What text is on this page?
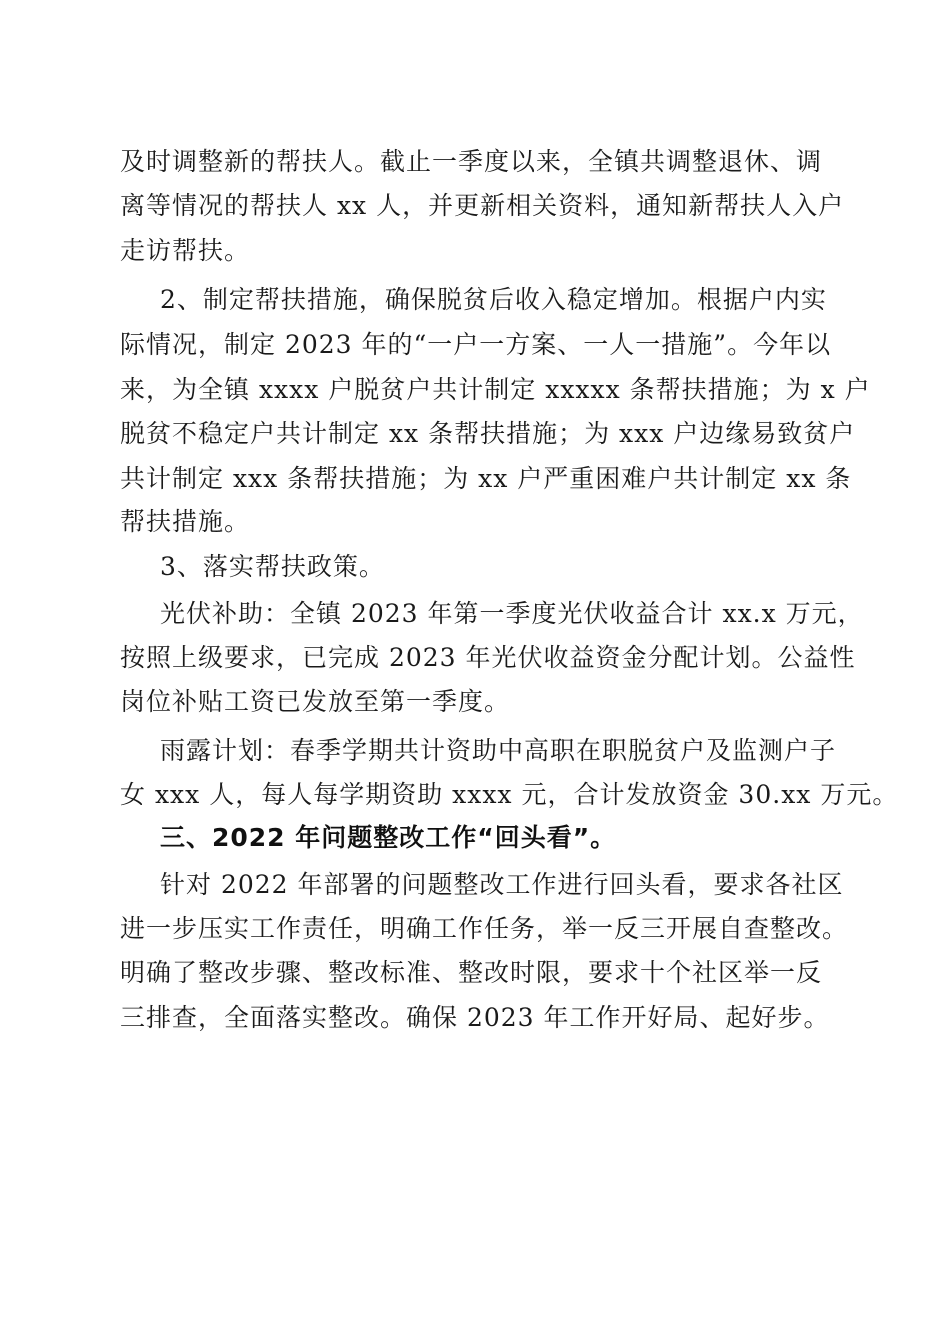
及时调整新的帮扶人。截止一季度以来，全镇共调整退休、调
离等情况的帮扶人 xx 人，并更新相关资料，通知新帮扶人入户
走访帮扶。
2、制定帮扶措施，确保脱贫后收入稳定增加。根据户内实
际情况，制定 2023 年的“一户一方案、一人一措施”。今年以
来，为全镇 xxxx 户脱贫户共计制定 xxxxx 条帮扶措施；为 x 户
脱贫不稳定户共计制定 xx 条帮扶措施；为 xxx 户边缘易致贫户
共计制定 xxx 条帮扶措施；为 xx 户严重困难户共计制定 xx 条
帮扶措施。
3、落实帮扶政策。
光伏补助：全镇 2023 年第一季度光伏收益合计 xx.x 万元，
按照上级要求，已完成 2023 年光伏收益资金分配计划。公益性
岗位补贴工资已发放至第一季度。
雨露计划：春季学期共计资助中高职在职脱贫户及监测户子
女 xxx 人，每人每学期资助 xxxx 元，合计发放资金 30.xx 万元。
三、2022 年问题整改工作“回头看”。
针对 2022 年部署的问题整改工作进行回头看，要求各社区
进一步压实工作责任，明确工作任务，举一反三开展自查整改。
明确了整改步骤、整改标准、整改时限，要求十个社区举一反
三排查，全面落实整改。确保 2023 年工作开好局、起好步。
